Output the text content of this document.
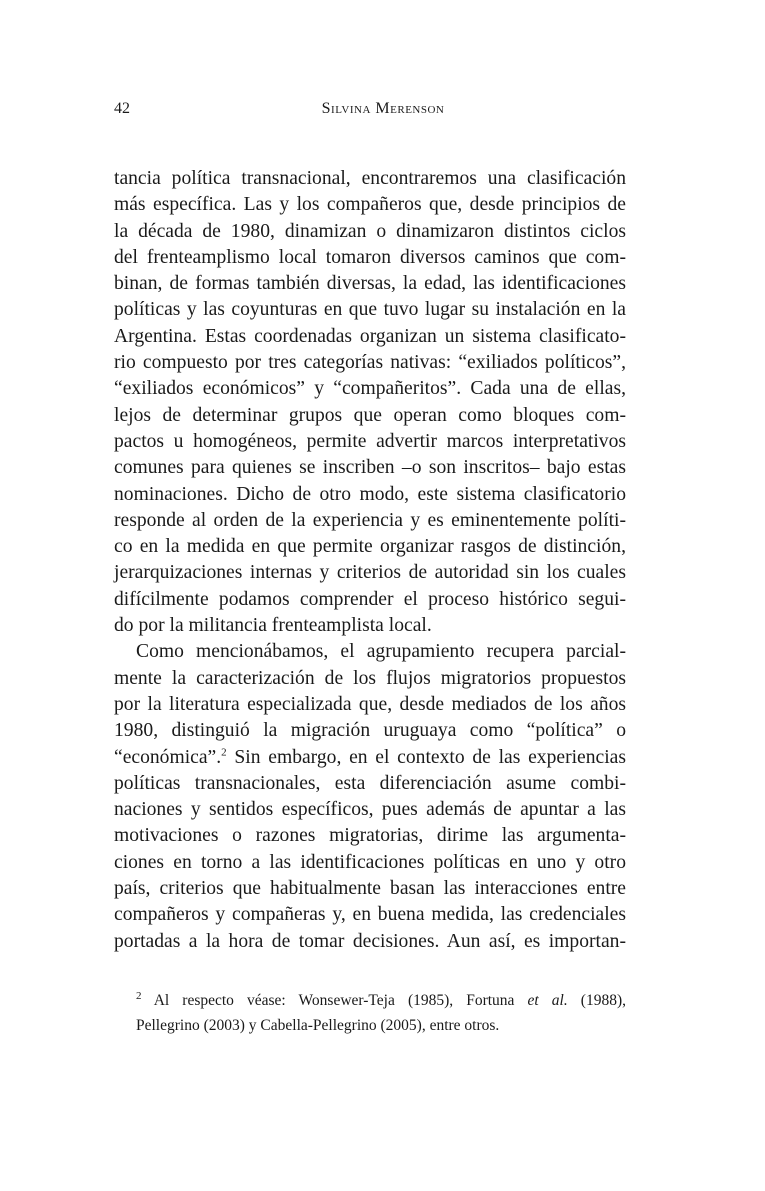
42	Silvina Merenson
tancia política transnacional, encontraremos una clasificación
más específica. Las y los compañeros que, desde principios de
la década de 1980, dinamizan o dinamizaron distintos ciclos
del frenteamplismo local tomaron diversos caminos que com-
binan, de formas también diversas, la edad, las identificaciones
políticas y las coyunturas en que tuvo lugar su instalación en la
Argentina. Estas coordenadas organizan un sistema clasificato-
rio compuesto por tres categorías nativas: “exiliados políticos”,
“exiliados económicos” y “compañeritos”. Cada una de ellas,
lejos de determinar grupos que operan como bloques com-
pactos u homogéneos, permite advertir marcos interpretativos
comunes para quienes se inscriben –o son inscritos– bajo estas
nominaciones. Dicho de otro modo, este sistema clasificatorio
responde al orden de la experiencia y es eminentemente políti-
co en la medida en que permite organizar rasgos de distinción,
jerarquizaciones internas y criterios de autoridad sin los cuales
difícilmente podamos comprender el proceso histórico segui-
do por la militancia frenteamplista local.
Como mencionábamos, el agrupamiento recupera parcial-
mente la caracterización de los flujos migratorios propuestos
por la literatura especializada que, desde mediados de los años
1980, distinguió la migración uruguaya como “política” o
“económica”.$^2$ Sin embargo, en el contexto de las experiencias
políticas transnacionales, esta diferenciación asume combi-
naciones y sentidos específicos, pues además de apuntar a las
motivaciones o razones migratorias, dirime las argumenta-
ciones en torno a las identificaciones políticas en uno y otro
país, criterios que habitualmente basan las interacciones entre
compañeros y compañeras y, en buena medida, las credenciales
portadas a la hora de tomar decisiones. Aun así, es importan-
$^2$ Al respecto véase: Wonsewer-Teja (1985), Fortuna et al. (1988),
Pellegrino (2003) y Cabella-Pellegrino (2005), entre otros.
